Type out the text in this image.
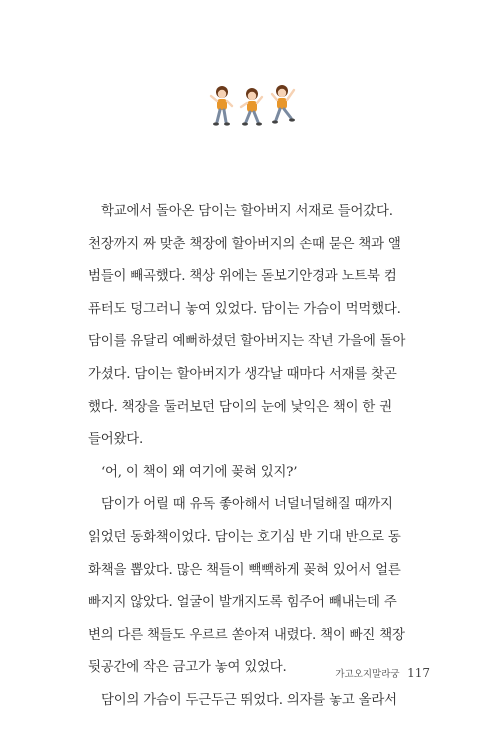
학교에서 돌아온 담이는 할아버지 서재로 들어갔다.
천장까지 짜 맞춘 책장에 할아버지의 손때 묻은 책과 앨
범들이 빼곡했다. 책상 위에는 돋보기안경과 노트북 컴
퓨터도 덩그러니 놓여 있었다. 담이는 가슴이 먹먹했다.
담이를 유달리 예뻐하셨던 할아버지는 작년 가을에 돌아
가셨다. 담이는 할아버지가 생각날 때마다 서재를 찾곤
했다. 책장을 둘러보던 담이의 눈에 낯익은 책이 한 권
들어왔다.

‘어, 이 책이 왜 여기에 꽂혀 있지?’

담이가 어릴 때 유독 좋아해서 너덜너덜해질 때까지
읽었던 동화책이었다. 담이는 호기심 반 기대 반으로 동
화책을 뽑았다. 많은 책들이 빽빽하게 꽂혀 있어서 얼른
빠지지 않았다. 얼굴이 발개지도록 힘주어 빼내는데 주
변의 다른 책들도 우르르 쏟아져 내렸다. 책이 빠진 책장
뒷공간에 작은 금고가 놓여 있었다.

담이의 가슴이 두근두근 뛰었다. 의자를 놓고 올라서

가고오지말라궁 117
